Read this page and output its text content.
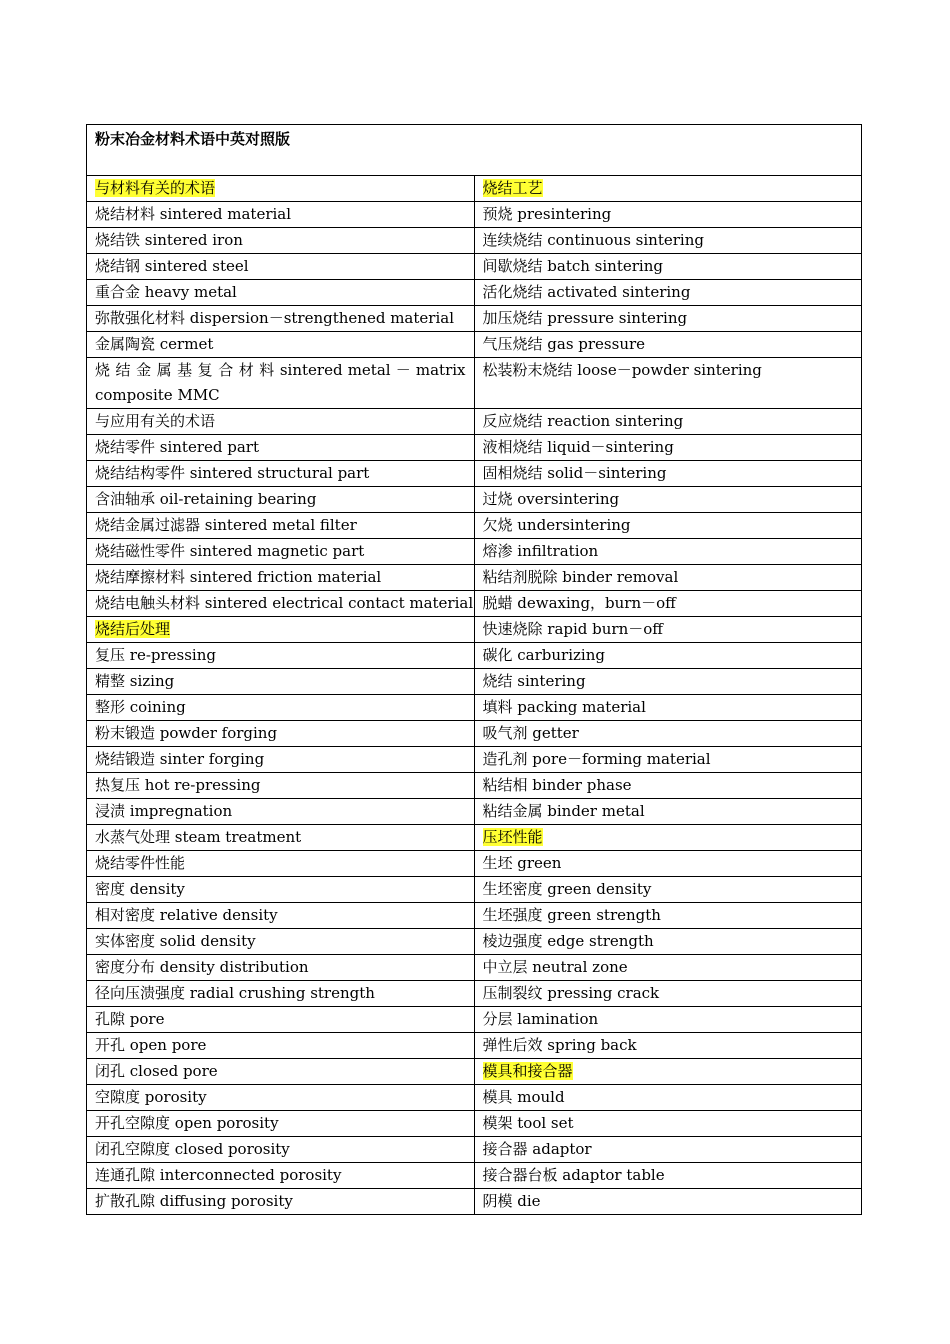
粉末冶金材料术语中英对照版	
与材料有关的术语	烧结工艺
烧结材料 sintered material	预烧 presintering
烧结铁 sintered iron	连续烧结 continuous sintering
烧结钢 sintered steel	间歇烧结 batch sintering
重合金 heavy metal	活化烧结 activated sintering
弥散强化材料 dispersion－strengthened material	加压烧结 pressure sintering
金属陶瓷 cermet	气压烧结 gas pressure
烧 结 金 属 基 复 合 材 料 sintered metal － matrix composite MMC	松装粉末烧结 loose－powder sintering
与应用有关的术语	反应烧结 reaction sintering
烧结零件 sintered part	液相烧结 liquid－sintering
烧结结构零件 sintered structural part	固相烧结 solid－sintering
含油轴承 oil-retaining bearing	过烧 oversintering
烧结金属过滤器 sintered metal filter	欠烧 undersintering
烧结磁性零件 sintered magnetic part	熔渗 infiltration
烧结摩擦材料 sintered friction material	粘结剂脱除 binder removal
烧结电触头材料 sintered electrical contact material	脱蜡 dewaxing，burn－off
烧结后处理	快速烧除 rapid burn－off
复压 re-pressing	碳化 carburizing
精整 sizing	烧结 sintering
整形 coining	填料 packing material
粉末锻造 powder forging	吸气剂 getter
烧结锻造 sinter forging	造孔剂 pore－forming material
热复压 hot re-pressing	粘结相 binder phase
浸渍 impregnation	粘结金属 binder metal
水蒸气处理 steam treatment	压坯性能
烧结零件性能	生坯 green
密度 density	生坯密度 green density
相对密度 relative density	生坯强度 green strength
实体密度 solid density	棱边强度 edge strength
密度分布 density distribution	中立层 neutral zone
径向压溃强度 radial crushing strength	压制裂纹 pressing crack
孔隙 pore	分层 lamination
开孔 open pore	弹性后效 spring back
闭孔 closed pore	模具和接合器
空隙度 porosity	模具 mould
开孔空隙度 open porosity	模架 tool set
闭孔空隙度 closed porosity	接合器 adaptor
连通孔隙 interconnected porosity	接合器台板 adaptor table
扩散孔隙 diffusing porosity	阴模 die
